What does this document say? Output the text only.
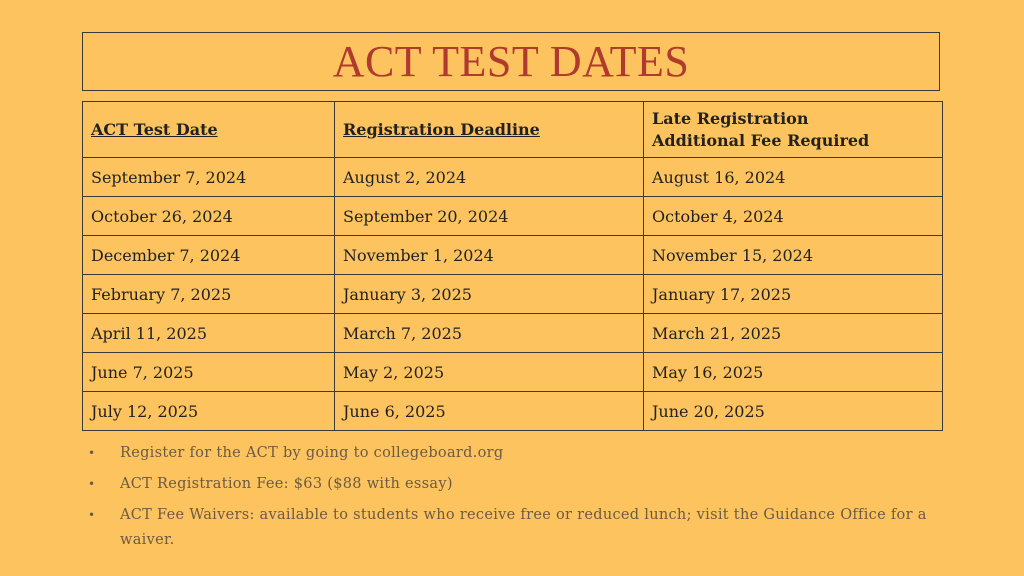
ACT TEST DATES
ACT Test Date	Registration Deadline	Late Registration
Additional Fee Required
September 7, 2024	August 2, 2024	August 16, 2024
October 26, 2024	September 20, 2024	October 4, 2024
December 7, 2024	November 1, 2024	November 15, 2024
February 7, 2025	January 3, 2025	January 17, 2025
April 11, 2025	March 7, 2025	March 21, 2025
June 7, 2025	May 2, 2025	May 16, 2025
July 12, 2025	June 6, 2025	June 20, 2025
• Register for the ACT by going to collegeboard.org
• ACT Registration Fee: $63 ($88 with essay)
• ACT Fee Waivers: available to students who receive free or reduced lunch; visit the Guidance Office for a waiver.
